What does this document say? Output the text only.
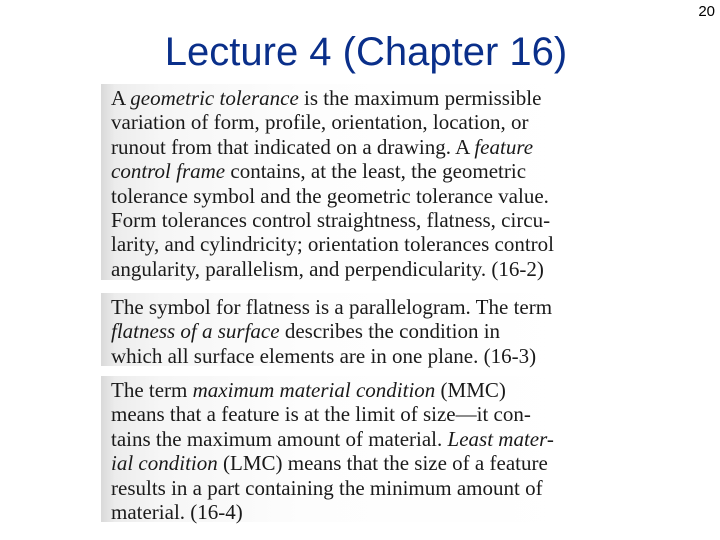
20
Lecture 4 (Chapter 16)
A geometric tolerance is the maximum permissible
variation of form, profile, orientation, location, or
runout from that indicated on a drawing. A feature
control frame contains, at the least, the geometric
tolerance symbol and the geometric tolerance value.
Form tolerances control straightness, flatness, circu-
larity, and cylindricity; orientation tolerances control
angularity, parallelism, and perpendicularity. (16-2)
The symbol for flatness is a parallelogram. The term
flatness of a surface describes the condition in
which all surface elements are in one plane. (16-3)
The term maximum material condition (MMC)
means that a feature is at the limit of size—it con-
tains the maximum amount of material. Least mater-
ial condition (LMC) means that the size of a feature
results in a part containing the minimum amount of
material. (16-4)
